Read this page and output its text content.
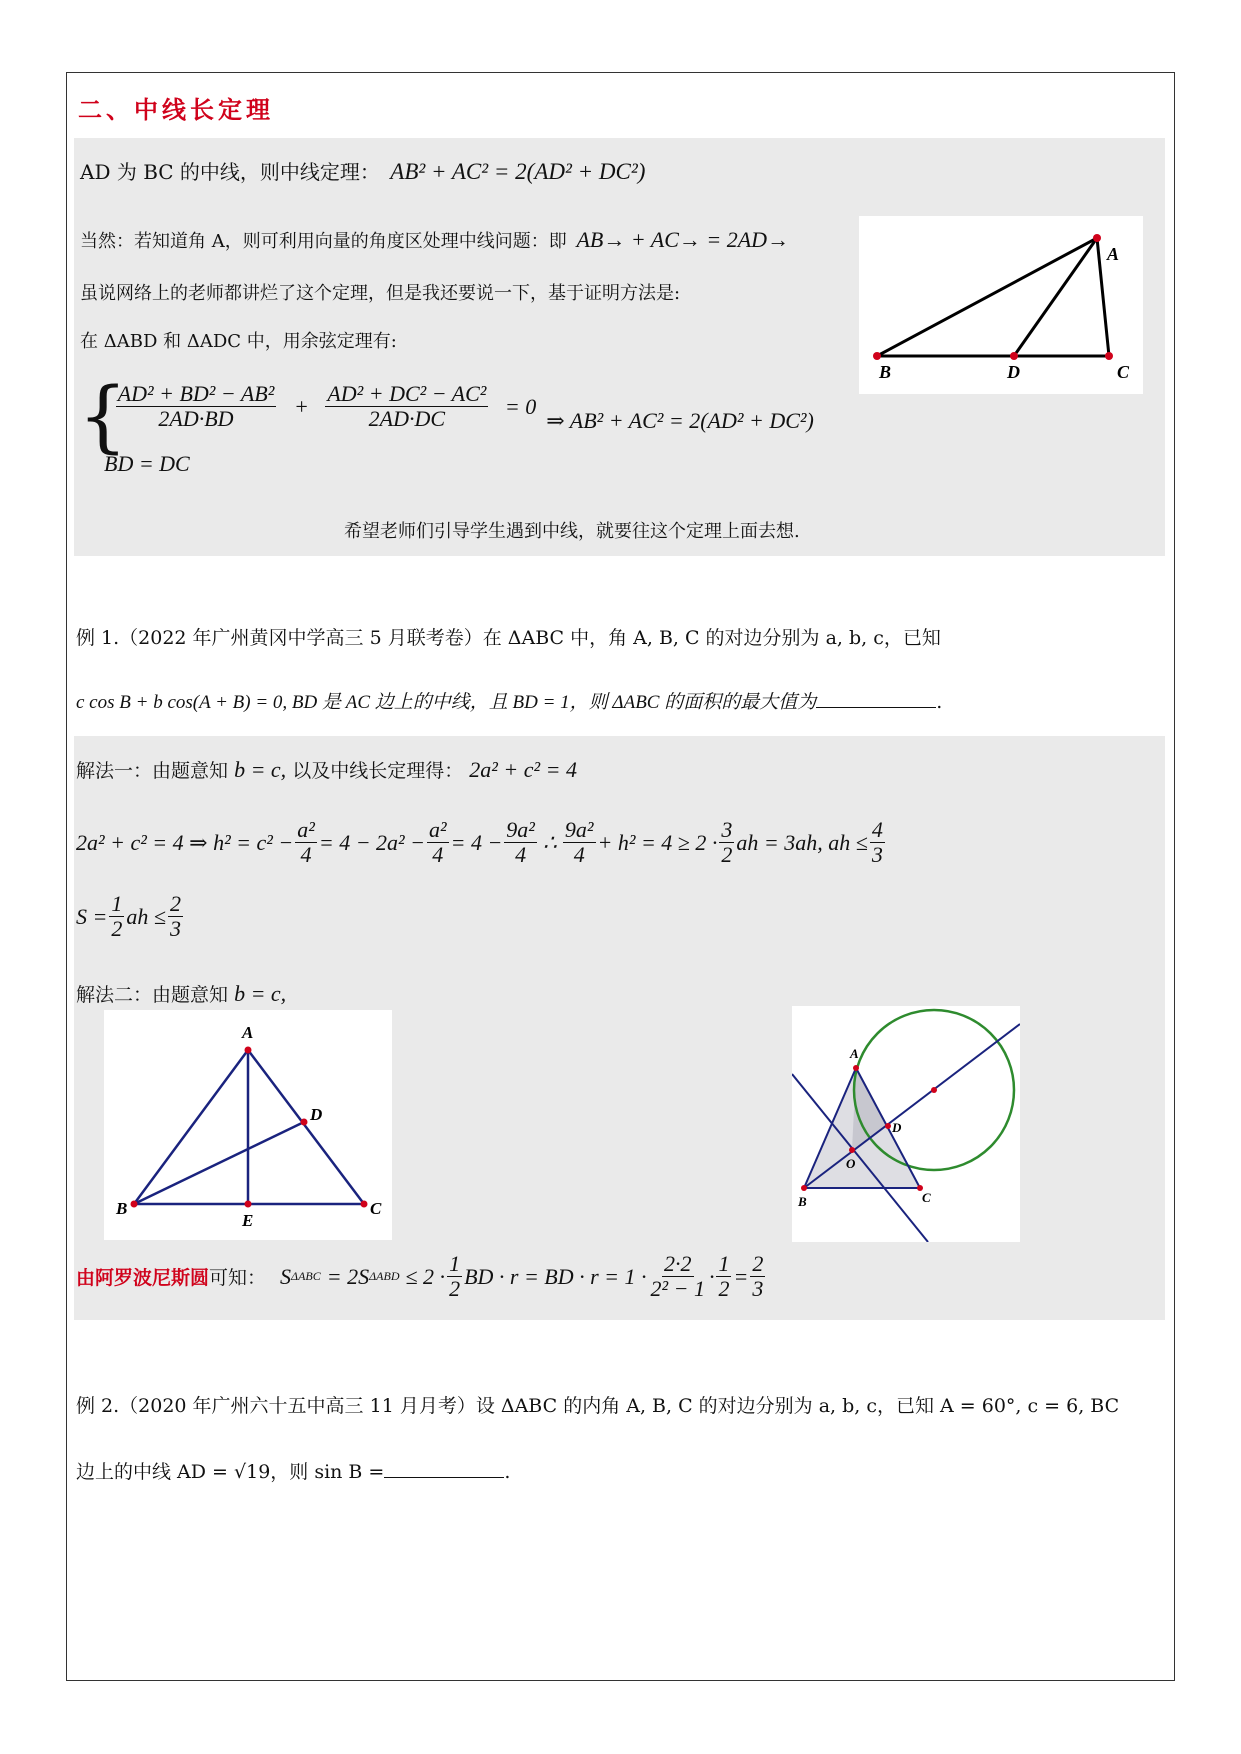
二、中线长定理
AD 为 BC 的中线，则中线定理： AB² + AC² = 2(AD² + DC²)
当然：若知道角 A，则可利用向量的角度区处理中线问题：即 AB→ + AC→ = 2AD→
虽说网络上的老师都讲烂了这个定理，但是我还要说一下，基于证明方法是:
在 ΔABD 和 ΔADC 中，用余弦定理有:
{
$\frac{\text{AD² + BD² − AB²}}{2AD\cdot BD} + \frac{\text{AD² + DC² − AC²}}{2AD\cdot DC} = 0$
⇒ AB² + AC² = 2(AD² + DC²)
BD = DC
希望老师们引导学生遇到中线，就要往这个定理上面去想.
A
B	D	C
例 1.（2022 年广州黄冈中学高三 5 月联考卷）在 ΔABC 中，角 A, B, C 的对边分别为 a, b, c，已知
c cos B + b cos(A + B) = 0, BD 是 AC 边上的中线，且 BD = 1，则 ΔABC 的面积的最大值为	.
解法一：由题意知 b = c, 以及中线长定理得： 2a² + c² = 4
2a² + c² = 4 ⇒ $h^2 = c^2 - \frac{\text{a²}}{4} = 4 - 2a^2 - \frac{\text{a²}}{4} = 4 - \frac{\text{9a²}}{4}$ ∴ $\frac{\text{9a²}}{4} + h^2 = 4 \ge 2 \cdot \frac{3}{2}$ ah = 3ah, ah ≤ $\frac{4}{3}$
$S = \frac{1}{2}$ ah ≤ $\frac{2}{3}$
解法二：由题意知 b = c,
A
D
B
E
C
A
D
O
B	C
由阿罗波尼斯圆 可知： S ΔABC = 2S $\Delta ABD \le 2 \cdot \frac{1}{2}$ BD · r = BD · $r = 1 \cdot \frac{2\cdot 2}{\text{2² − 1}} \cdot \frac{1}{2} = \frac{2}{3}$
例 2.（2020 年广州六十五中高三 11 月月考）设 ΔABC 的内角 A, B, C 的对边分别为 a, b, c，已知 A = 60°, c = 6, BC
边上的中线 AD = √19，则 sin B =	.
